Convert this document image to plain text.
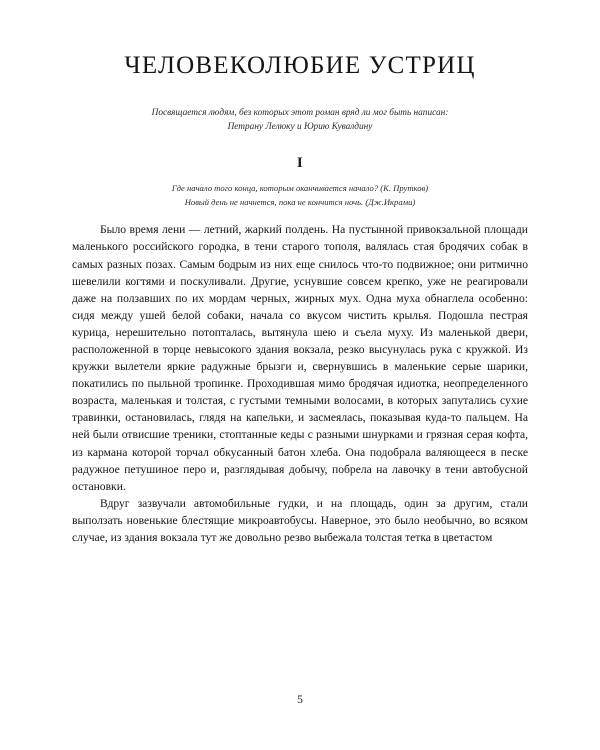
ЧЕЛОВЕКОЛЮБИЕ УСТРИЦ
Посвящается людям, без которых этот роман вряд ли мог быть написан:
Петрану Лелюку и Юрию Кувалдину
I
Где начало того конца, которым оканчивается начало? (К. Прутков)
Новый день не начнется, пока не кончится ночь. (Дж.Икрами)

Было время лени — летний, жаркий полдень. На пустынной привокзальной площади маленького российского городка, в тени старого тополя, валялась стая бродячих собак в самых разных позах. Самым бодрым из них еще снилось что-то подвижное; они ритмично шевелили когтями и поскуливали. Другие, уснувшие совсем крепко, уже не реагировали даже на ползавших по их мордам черных, жирных мух. Одна муха обнаглела особенно: сидя между ушей белой собаки, начала со вкусом чистить крылья. Подошла пестрая курица, нерешительно потопталась, вытянула шею и съела муху. Из маленькой двери, расположенной в торце невысокого здания вокзала, резко высунулась рука с кружкой. Из кружки вылетели яркие радужные брызги и, свернувшись в маленькие серые шарики, покатились по пыльной тропинке. Проходившая мимо бродячая идиотка, неопределенного возраста, маленькая и толстая, с густыми темными волосами, в которых запутались сухие травинки, остановилась, глядя на капельки, и засмеялась, показывая куда-то пальцем. На ней были отвисшие треники, стоптанные кеды с разными шнурками и грязная серая кофта, из кармана которой торчал обкусанный батон хлеба. Она подобрала валяющееся в песке радужное петушиное перо и, разглядывая добычу, побрела на лавочку в тени автобусной остановки.

Вдруг зазвучали автомобильные гудки, и на площадь, один за другим, стали выползать новенькие блестящие микроавтобусы. Наверное, это было необычно, во всяком случае, из здания вокзала тут же довольно резво выбежала толстая тетка в цветастом

5
